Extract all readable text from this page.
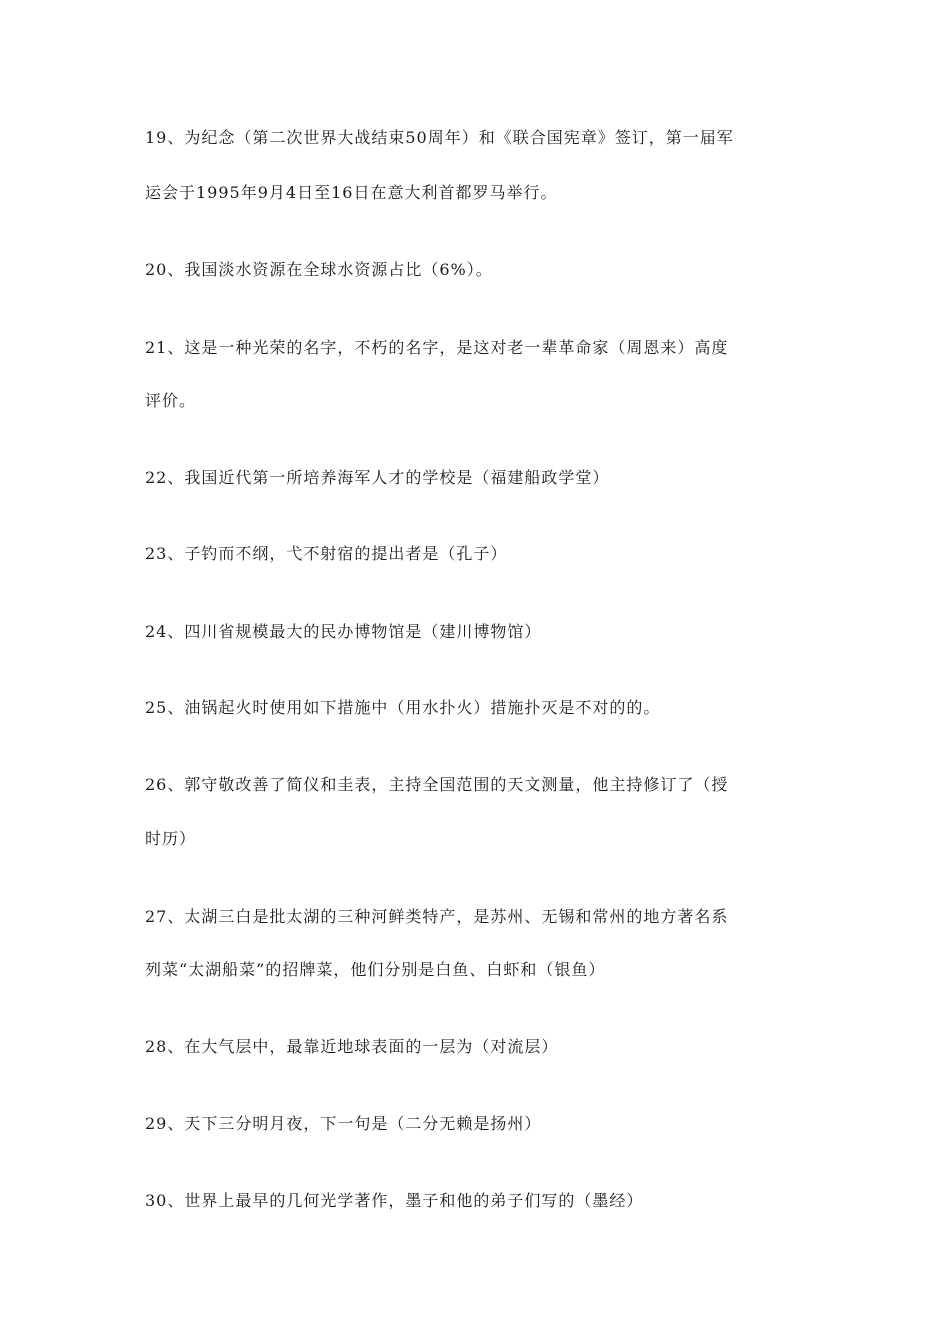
19、为纪念（第二次世界大战结束50周年）和《联合国宪章》签订，第一届军
运会于1995年9月4日至16日在意大利首都罗马举行。
20、我国淡水资源在全球水资源占比（6%）。
21、这是一种光荣的名字，不朽的名字，是这对老一辈革命家（周恩来）高度
评价。
22、我国近代第一所培养海军人才的学校是（福建船政学堂）
23、子钓而不纲，弋不射宿的提出者是（孔子）
24、四川省规模最大的民办博物馆是（建川博物馆）
25、油锅起火时使用如下措施中（用水扑火）措施扑灭是不对的的。
26、郭守敬改善了简仪和圭表，主持全国范围的天文测量，他主持修订了（授
时历）
27、太湖三白是批太湖的三种河鲜类特产，是苏州、无锡和常州的地方著名系
列菜“太湖船菜”的招牌菜，他们分别是白鱼、白虾和（银鱼）
28、在大气层中，最靠近地球表面的一层为（对流层）
29、天下三分明月夜，下一句是（二分无赖是扬州）
30、世界上最早的几何光学著作，墨子和他的弟子们写的（墨经）
